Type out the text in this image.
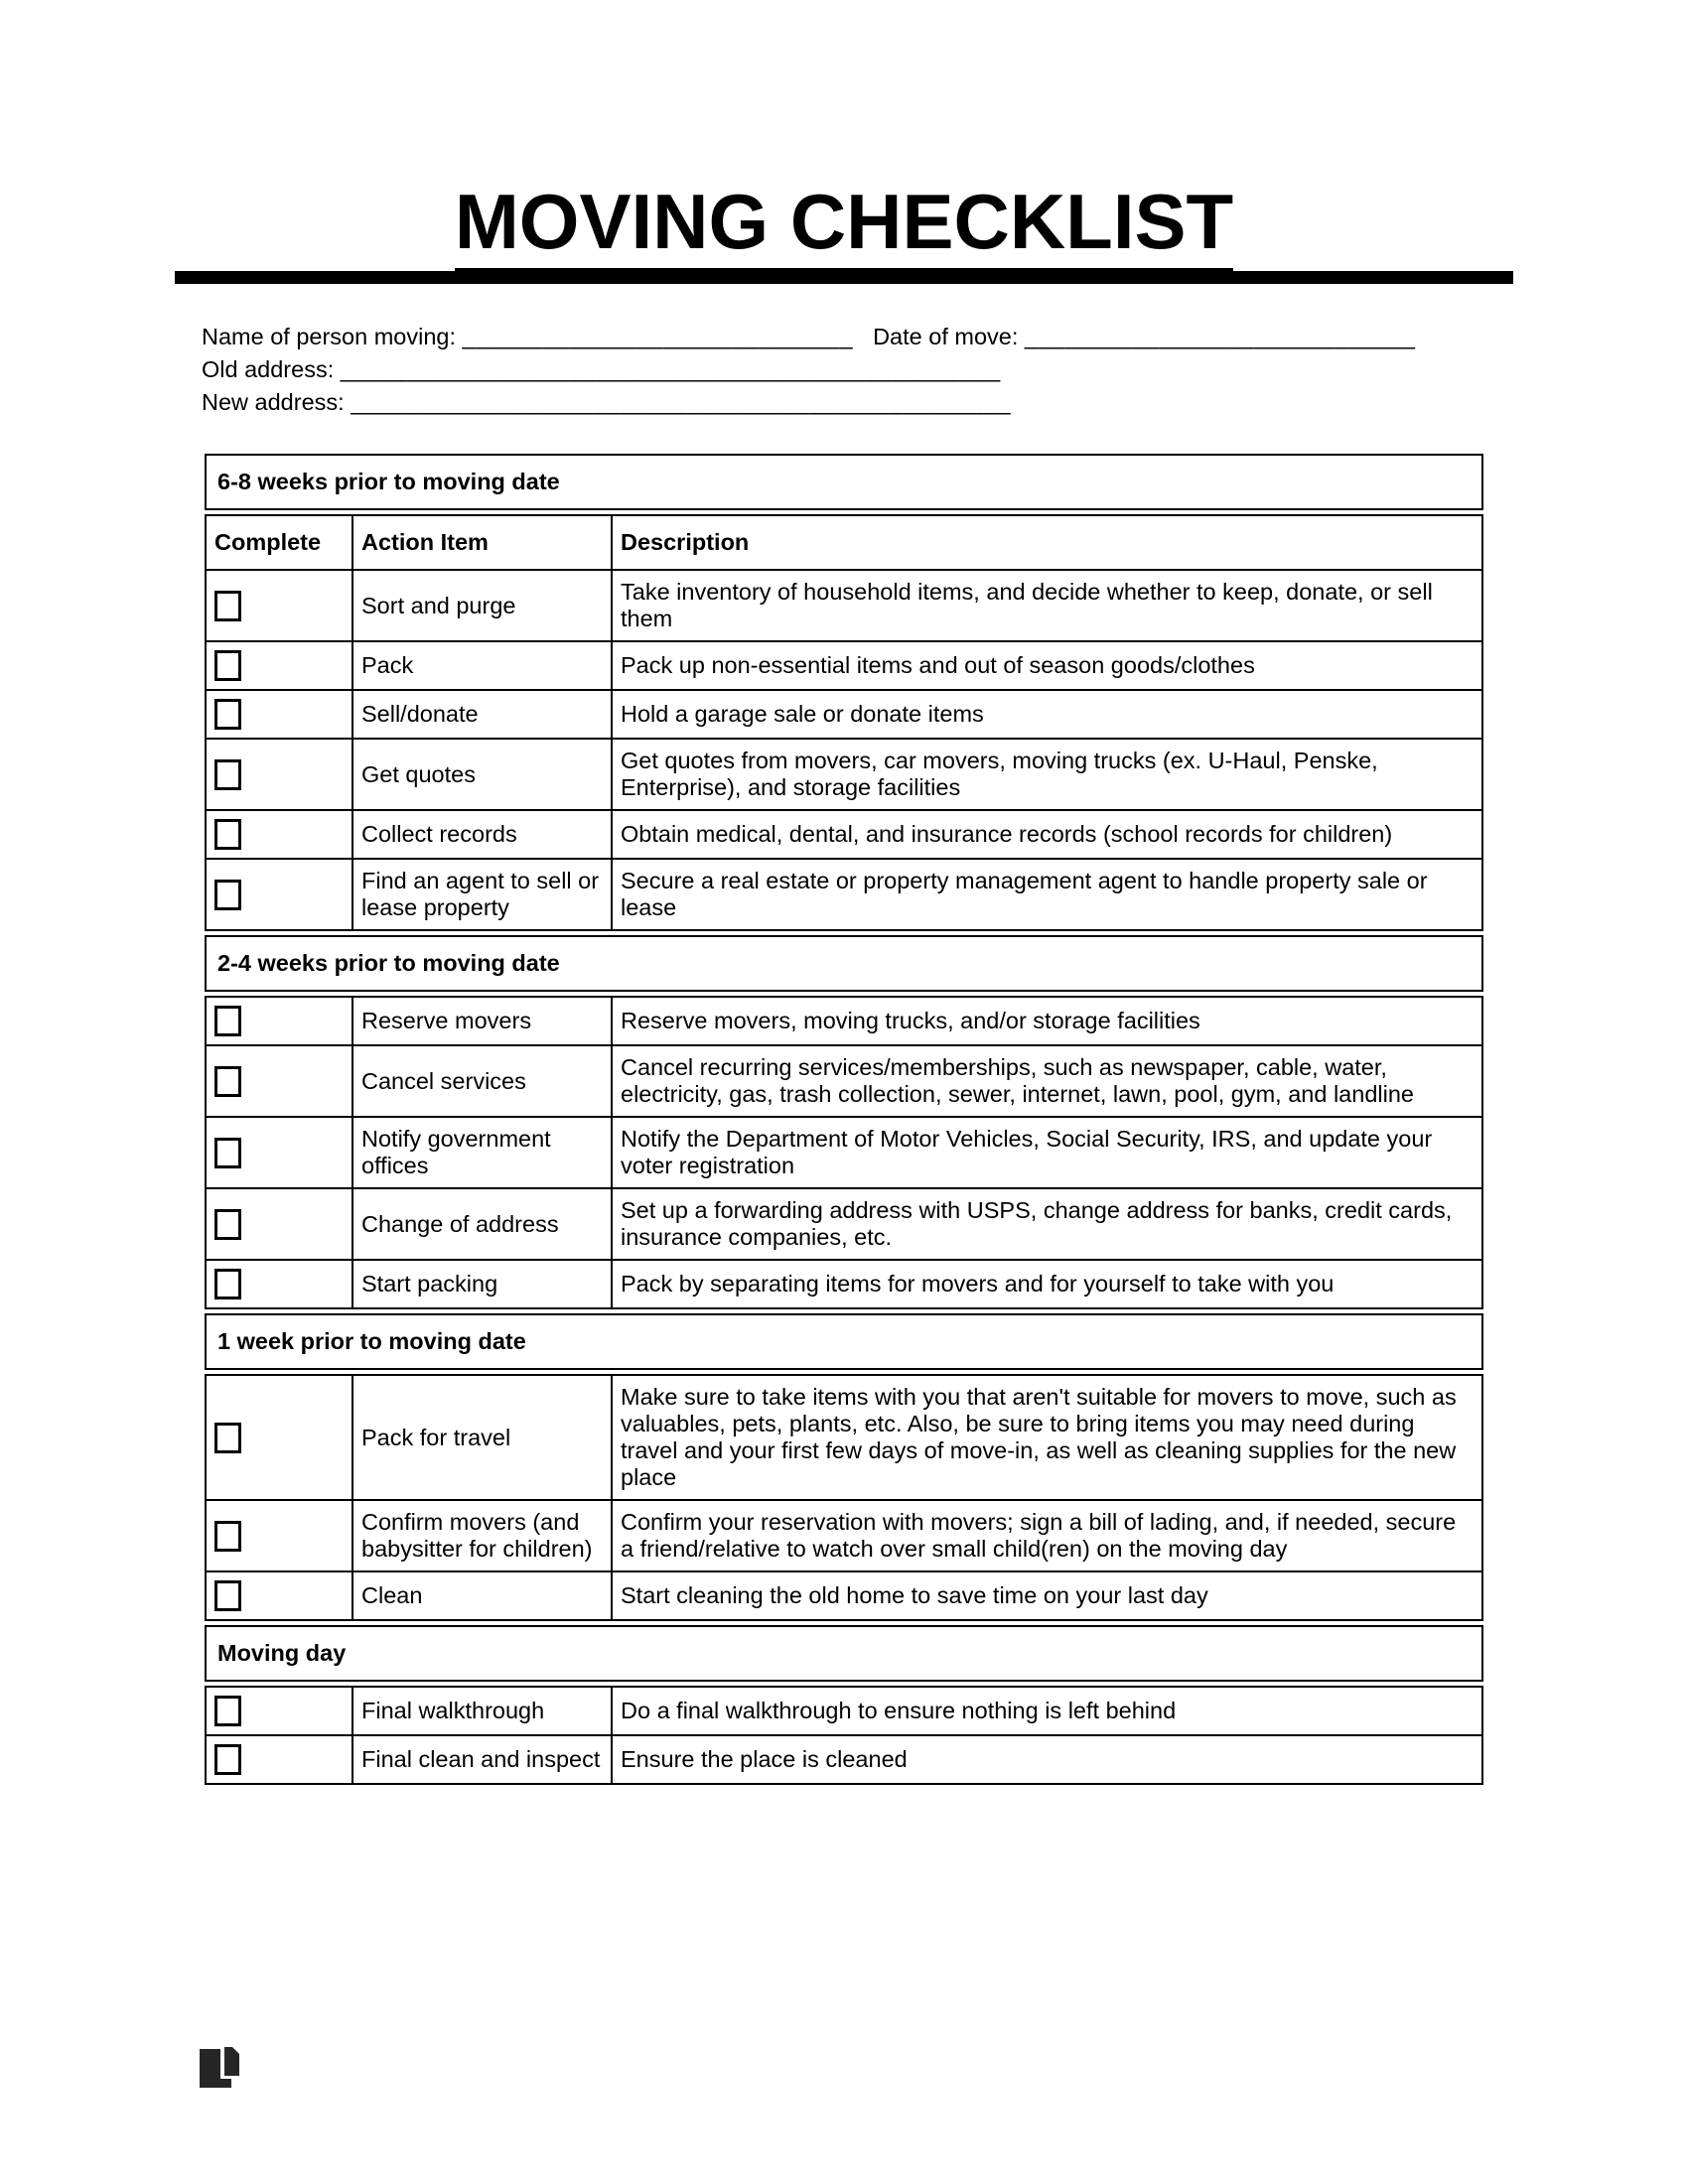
MOVING CHECKLIST
Name of person moving: _____________________________ Date of move: _____________________________
Old address: _________________________________________________
New address: _________________________________________________
6-8 weeks prior to moving date
Complete	Action Item	Description
	Sort and purge	Take inventory of household items, and decide whether to keep, donate, or sell them
	Pack	Pack up non-essential items and out of season goods/clothes
	Sell/donate	Hold a garage sale or donate items
	Get quotes	Get quotes from movers, car movers, moving trucks (ex. U-Haul, Penske, Enterprise), and storage facilities
	Collect records	Obtain medical, dental, and insurance records (school records for children)
	Find an agent to sell or lease property	Secure a real estate or property management agent to handle property sale or lease
2-4 weeks prior to moving date
	Reserve movers	Reserve movers, moving trucks, and/or storage facilities
	Cancel services	Cancel recurring services/memberships, such as newspaper, cable, water, electricity, gas, trash collection, sewer, internet, lawn, pool, gym, and landline
	Notify government offices	Notify the Department of Motor Vehicles, Social Security, IRS, and update your voter registration
	Change of address	Set up a forwarding address with USPS, change address for banks, credit cards, insurance companies, etc.
	Start packing	Pack by separating items for movers and for yourself to take with you
1 week prior to moving date
	Pack for travel	Make sure to take items with you that aren't suitable for movers to move, such as valuables, pets, plants, etc. Also, be sure to bring items you may need during travel and your first few days of move-in, as well as cleaning supplies for the new place
	Confirm movers (and babysitter for children)	Confirm your reservation with movers; sign a bill of lading, and, if needed, secure a friend/relative to watch over small child(ren) on the moving day
	Clean	Start cleaning the old home to save time on your last day
Moving day
	Final walkthrough	Do a final walkthrough to ensure nothing is left behind
	Final clean and inspect	Ensure the place is cleaned
